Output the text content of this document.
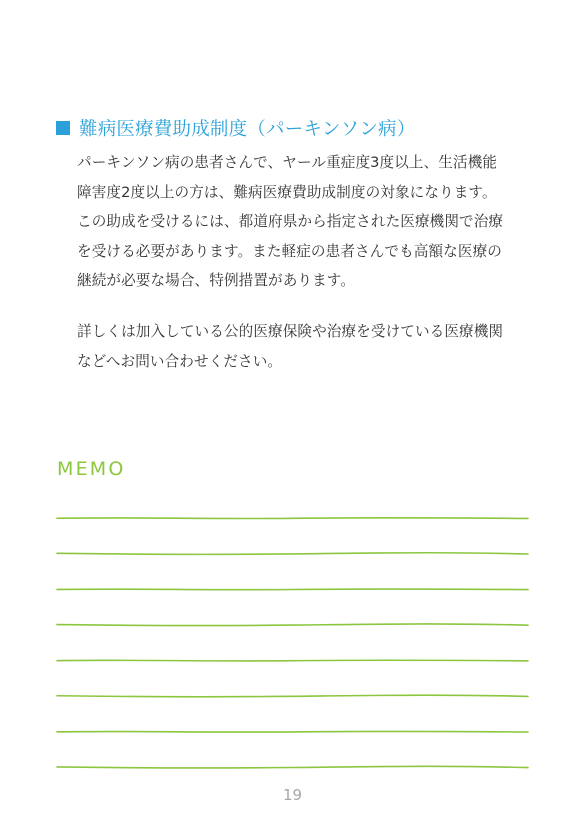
難病医療費助成制度（パーキンソン病）

パーキンソン病の患者さんで、ヤール重症度3度以上、生活機能
障害度2度以上の方は、難病医療費助成制度の対象になります。
この助成を受けるには、都道府県から指定された医療機関で治療
を受ける必要があります。また軽症の患者さんでも高額な医療の
継続が必要な場合、特例措置があります。

詳しくは加入している公的医療保険や治療を受けている医療機関
などへお問い合わせください。

MEMO
19
